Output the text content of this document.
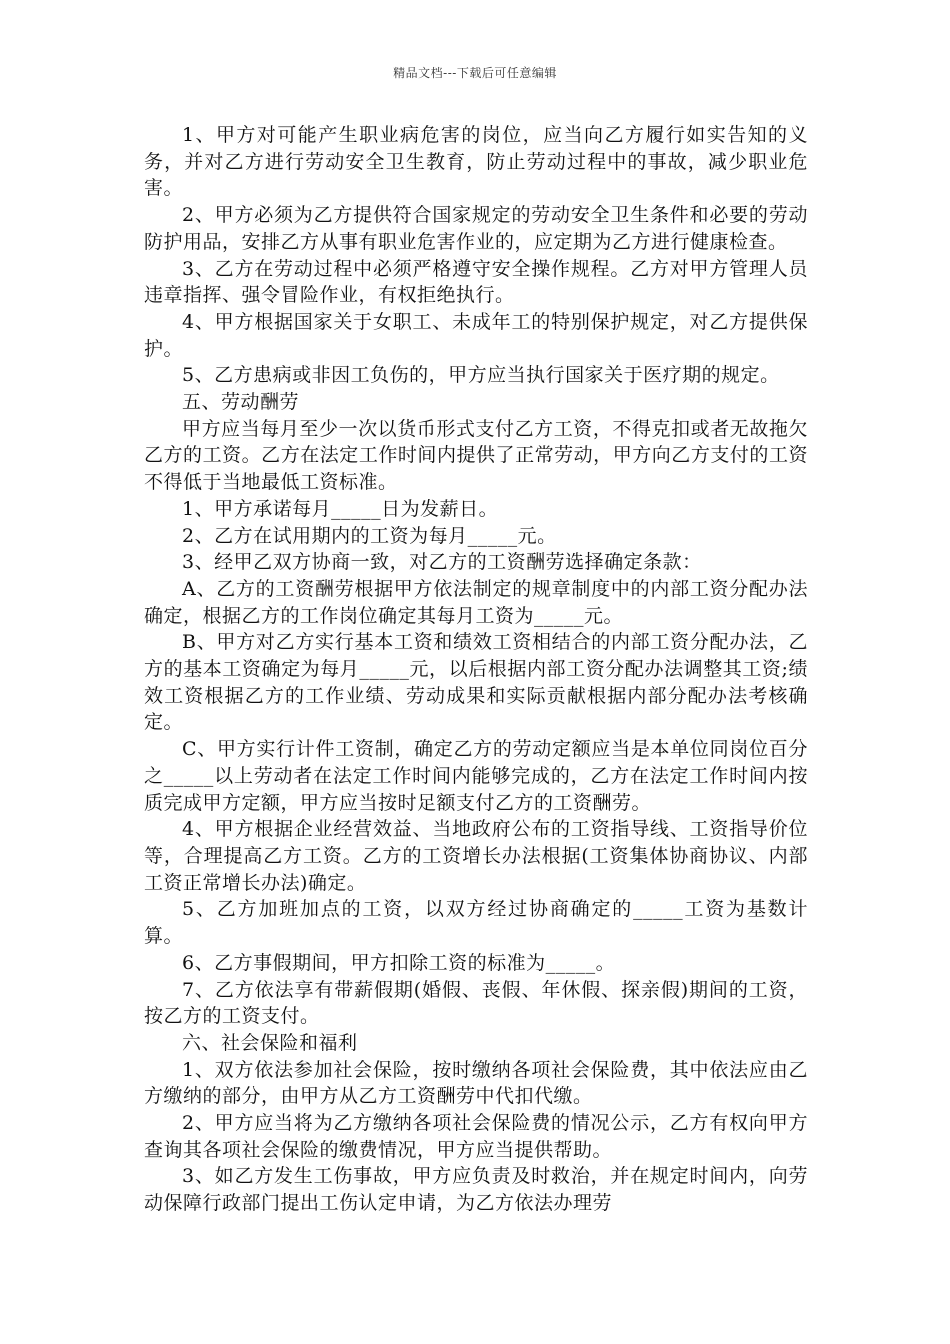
精品文档---下载后可任意编辑

1、甲方对可能产生职业病危害的岗位，应当向乙方履行如实告知的义务，并对乙方进行劳动安全卫生教育，防止劳动过程中的事故，减少职业危害。

2、甲方必须为乙方提供符合国家规定的劳动安全卫生条件和必要的劳动防护用品，安排乙方从事有职业危害作业的，应定期为乙方进行健康检查。

3、乙方在劳动过程中必须严格遵守安全操作规程。乙方对甲方管理人员违章指挥、强令冒险作业，有权拒绝执行。

4、甲方根据国家关于女职工、未成年工的特别保护规定，对乙方提供保护。

5、乙方患病或非因工负伤的，甲方应当执行国家关于医疗期的规定。

五、劳动酬劳

甲方应当每月至少一次以货币形式支付乙方工资，不得克扣或者无故拖欠乙方的工资。乙方在法定工作时间内提供了正常劳动，甲方向乙方支付的工资不得低于当地最低工资标准。

1、甲方承诺每月_____日为发薪日。

2、乙方在试用期内的工资为每月_____元。

3、经甲乙双方协商一致，对乙方的工资酬劳选择确定条款：

A、乙方的工资酬劳根据甲方依法制定的规章制度中的内部工资分配办法确定，根据乙方的工作岗位确定其每月工资为_____元。

B、甲方对乙方实行基本工资和绩效工资相结合的内部工资分配办法，乙方的基本工资确定为每月_____元，以后根据内部工资分配办法调整其工资;绩效工资根据乙方的工作业绩、劳动成果和实际贡献根据内部分配办法考核确定。

C、甲方实行计件工资制，确定乙方的劳动定额应当是本单位同岗位百分之_____以上劳动者在法定工作时间内能够完成的，乙方在法定工作时间内按质完成甲方定额，甲方应当按时足额支付乙方的工资酬劳。

4、甲方根据企业经营效益、当地政府公布的工资指导线、工资指导价位等，合理提高乙方工资。乙方的工资增长办法根据(工资集体协商协议、内部工资正常增长办法)确定。

5、乙方加班加点的工资，以双方经过协商确定的_____工资为基数计算。

6、乙方事假期间，甲方扣除工资的标准为_____。

7、乙方依法享有带薪假期(婚假、丧假、年休假、探亲假)期间的工资，按乙方的工资支付。

六、社会保险和福利

1、双方依法参加社会保险，按时缴纳各项社会保险费，其中依法应由乙方缴纳的部分，由甲方从乙方工资酬劳中代扣代缴。

2、甲方应当将为乙方缴纳各项社会保险费的情况公示，乙方有权向甲方查询其各项社会保险的缴费情况，甲方应当提供帮助。

3、如乙方发生工伤事故，甲方应负责及时救治，并在规定时间内，向劳动保障行政部门提出工伤认定申请，为乙方依法办理劳
